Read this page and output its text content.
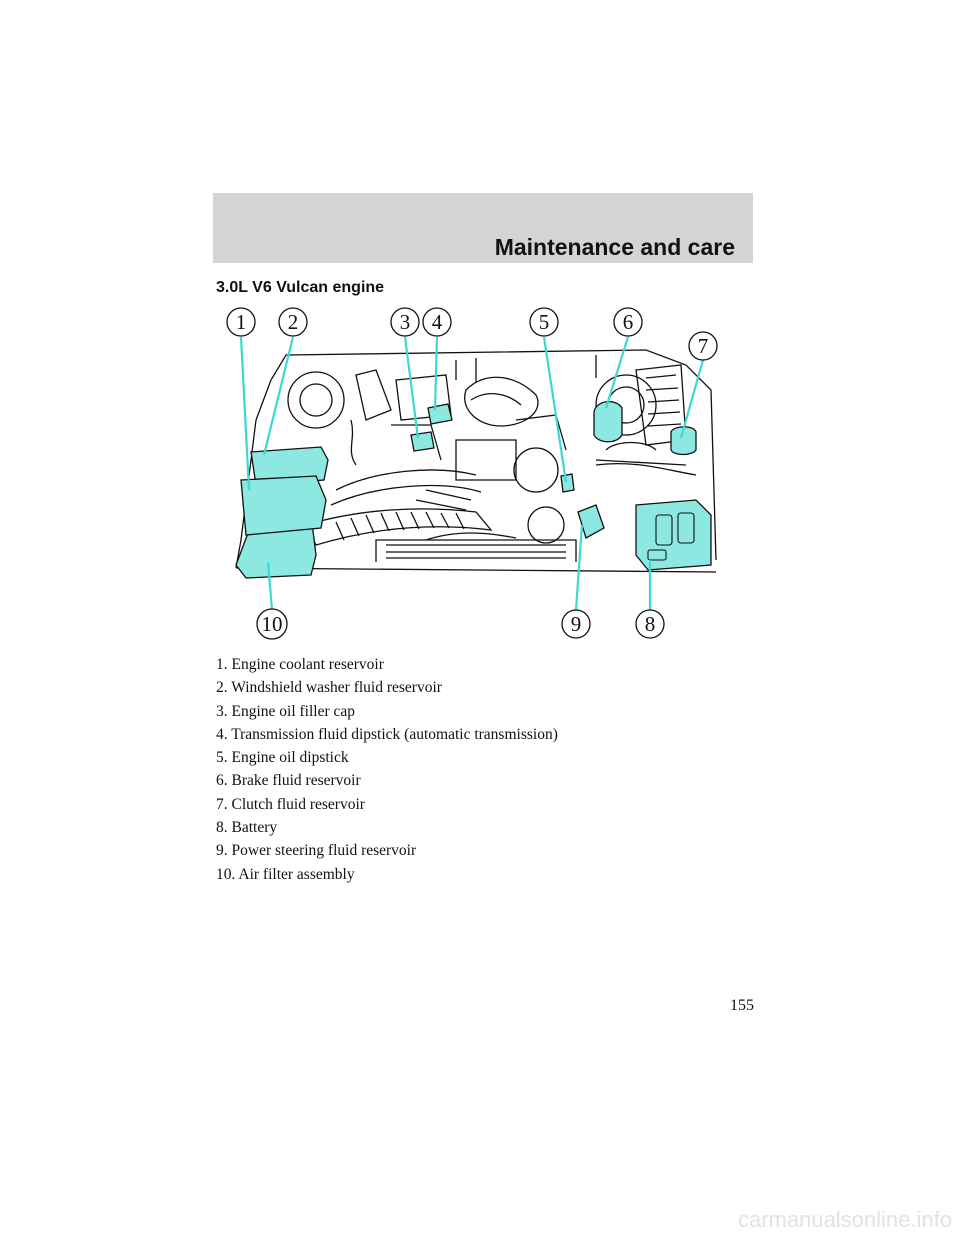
Maintenance and care
3.0L V6 Vulcan engine
1 2	3 4	5	6
7
8
9
10
1. Engine coolant reservoir
2. Windshield washer fluid reservoir
3. Engine oil filler cap
4. Transmission fluid dipstick (automatic transmission)
5. Engine oil dipstick
6. Brake fluid reservoir
7. Clutch fluid reservoir
8. Battery
9. Power steering fluid reservoir
10. Air filter assembly

155

carmanualsonline.info
